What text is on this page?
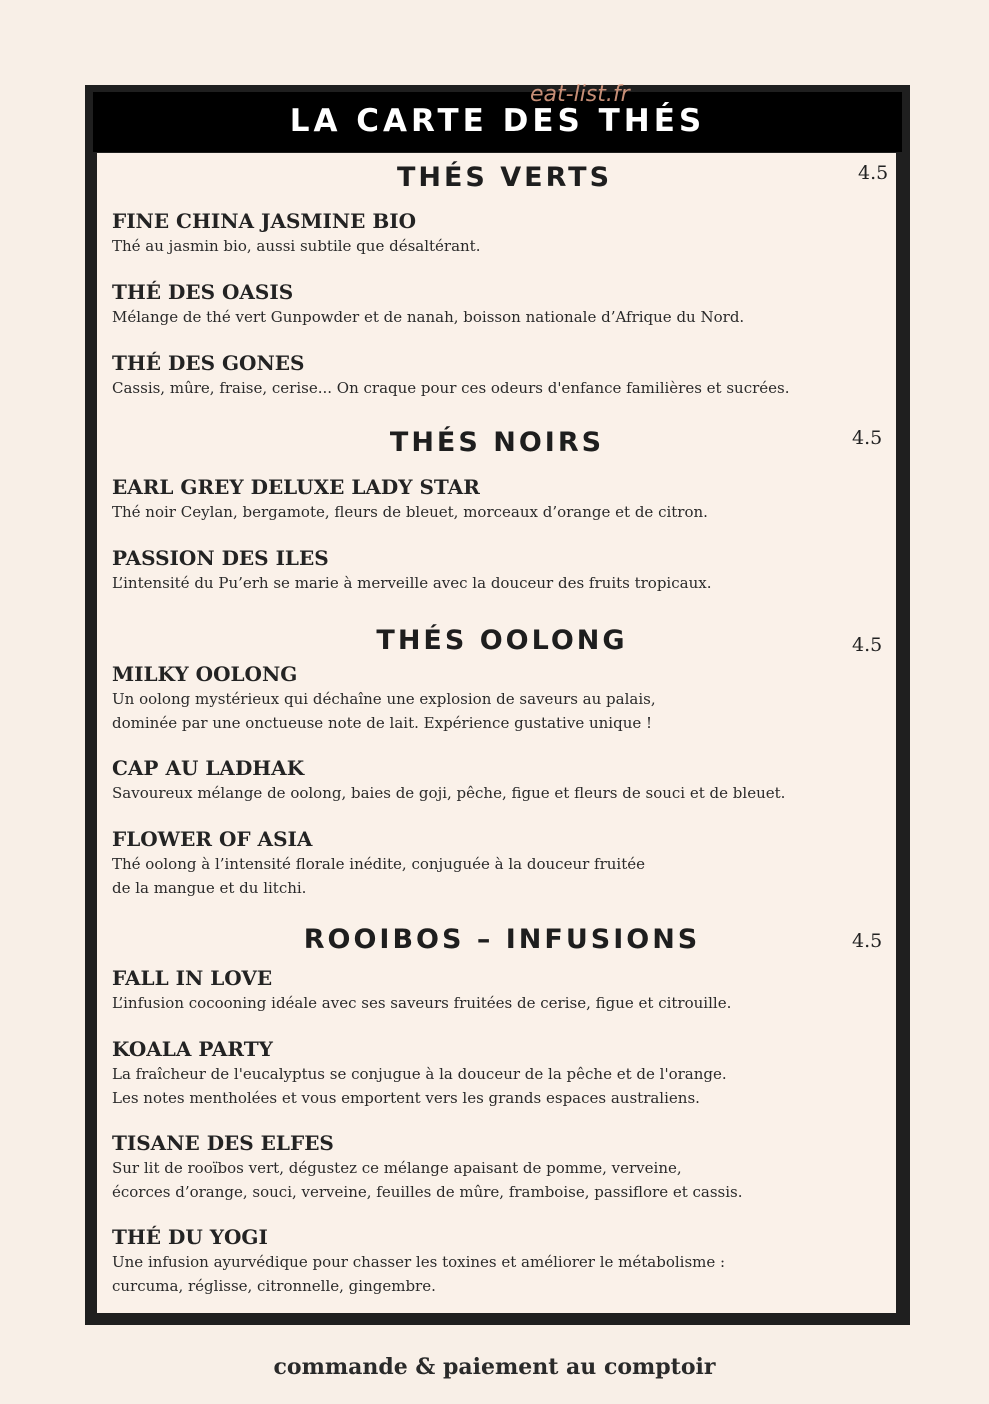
LA CARTE DES THÉS
eat-list.fr
THÉS VERTS	4.5
FINE CHINA JASMINE BIO
Thé au jasmin bio, aussi subtile que désaltérant.
THÉ DES OASIS
Mélange de thé vert Gunpowder et de nanah, boisson nationale d’Afrique du Nord.
THÉ DES GONES
Cassis, mûre, fraise, cerise... On craque pour ces odeurs d'enfance familières et sucrées.
THÉS NOIRS	4.5
EARL GREY DELUXE LADY STAR
Thé noir Ceylan, bergamote, fleurs de bleuet, morceaux d’orange et de citron.
PASSION DES ILES
L’intensité du Pu’erh se marie à merveille avec la douceur des fruits tropicaux.
THÉS OOLONG	4.5
MILKY OOLONG
Un oolong mystérieux qui déchaîne une explosion de saveurs au palais,
dominée par une onctueuse note de lait. Expérience gustative unique !
CAP AU LADHAK
Savoureux mélange de oolong, baies de goji, pêche, figue et fleurs de souci et de bleuet.
FLOWER OF ASIA
Thé oolong à l’intensité florale inédite, conjuguée à la douceur fruitée
de la mangue et du litchi.
ROOIBOS – INFUSIONS	4.5
FALL IN LOVE
L’infusion cocooning idéale avec ses saveurs fruitées de cerise, figue et citrouille.
KOALA PARTY
La fraîcheur de l'eucalyptus se conjugue à la douceur de la pêche et de l'orange.
Les notes mentholées et vous emportent vers les grands espaces australiens.
TISANE DES ELFES
Sur lit de rooïbos vert, dégustez ce mélange apaisant de pomme, verveine,
écorces d’orange, souci, verveine, feuilles de mûre, framboise, passiflore et cassis.
THÉ DU YOGI
Une infusion ayurvédique pour chasser les toxines et améliorer le métabolisme :
curcuma, réglisse, citronnelle, gingembre.
commande & paiement au comptoir
